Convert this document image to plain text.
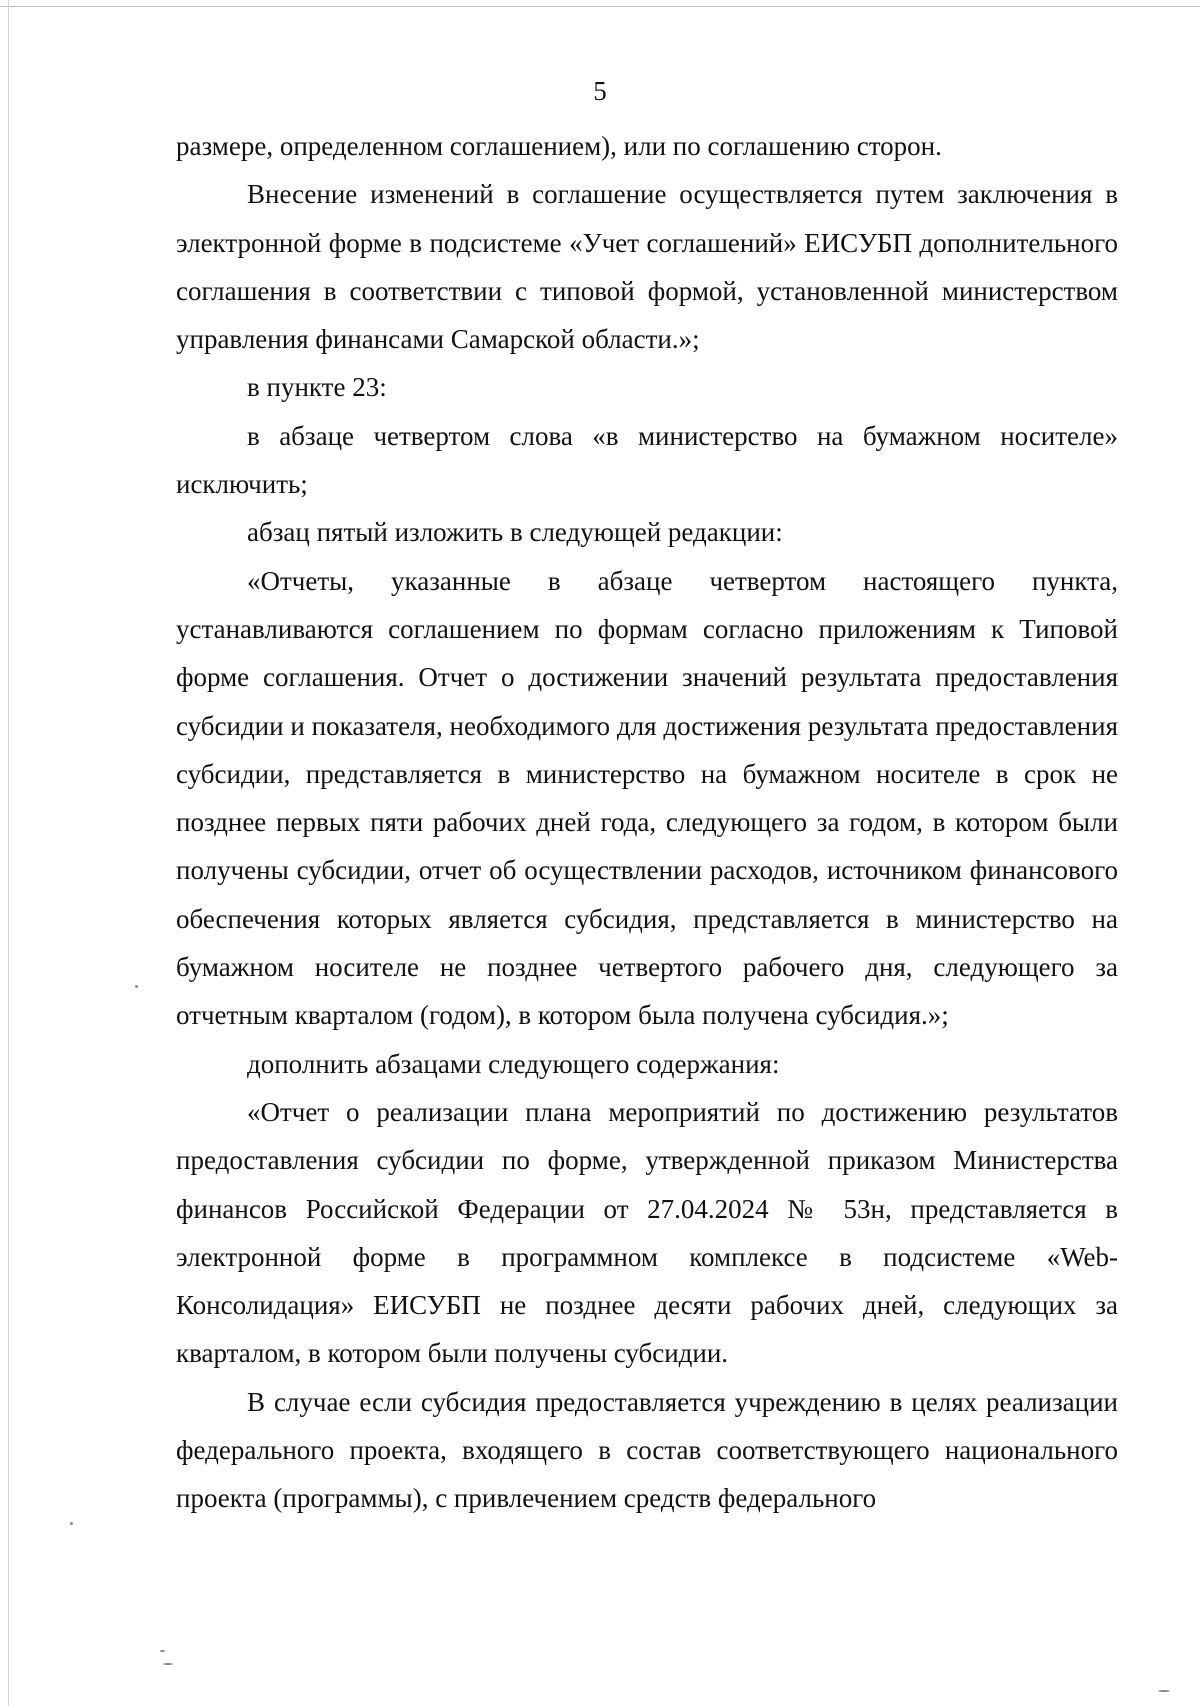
5

размере, определенном соглашением), или по соглашению сторон.

Внесение изменений в соглашение осуществляется путем заключения в электронной форме в подсистеме «Учет соглашений» ЕИСУБП дополнительного соглашения в соответствии с типовой формой, установленной министерством управления финансами Самарской области.»;

в пункте 23:

в абзаце четвертом слова «в министерство на бумажном носителе» исключить;

абзац пятый изложить в следующей редакции:

«Отчеты, указанные в абзаце четвертом настоящего пункта, устанавливаются соглашением по формам согласно приложениям к Типовой форме соглашения. Отчет о достижении значений результата предоставления субсидии и показателя, необходимого для достижения результата предоставления субсидии, представляется в министерство на бумажном носителе в срок не позднее первых пяти рабочих дней года, следующего за годом, в котором были получены субсидии, отчет об осуществлении расходов, источником финансового обеспечения которых является субсидия, представляется в министерство на бумажном носителе не позднее четвертого рабочего дня, следующего за отчетным кварталом (годом), в котором была получена субсидия.»;

дополнить абзацами следующего содержания:

«Отчет о реализации плана мероприятий по достижению результатов предоставления субсидии по форме, утвержденной приказом Министерства финансов Российской Федерации от 27.04.2024 № 53н, представляется в электронной форме в программном комплексе в подсистеме «Web-Консолидация» ЕИСУБП не позднее десяти рабочих дней, следующих за кварталом, в котором были получены субсидии.

В случае если субсидия предоставляется учреждению в целях реализации федерального проекта, входящего в состав соответствующего национального проекта (программы), с привлечением средств федерального
